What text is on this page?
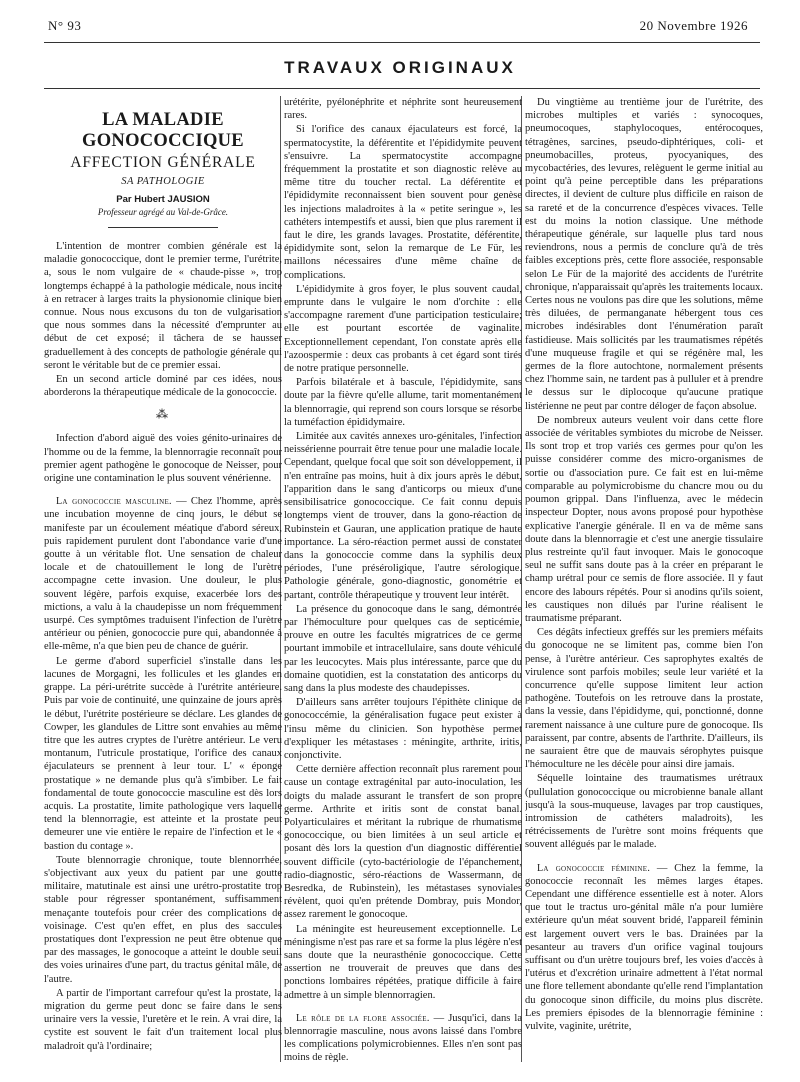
N° 93	20 Novembre 1926
TRAVAUX ORIGINAUX
LA MALADIE GONOCOCCIQUE
AFFECTION GÉNÉRALE
SA PATHOLOGIE
Par Hubert JAUSION
Professeur agrégé au Val-de-Grâce.

L'intention de montrer combien générale est la maladie gonococcique, dont le premier terme, l'urétrite, a, sous le nom vulgaire de « chaude-pisse », trop longtemps échappé à la pathologie médicale, nous incite à en retracer à larges traits la physionomie clinique bien connue. Nous nous excusons du ton de vulgarisation que nous sommes dans la nécessité d'emprunter au début de cet exposé; il tâchera de se hausser graduellement à des concepts de pathologie générale qui seront le véritable but de ce premier essai.

En un second article dominé par ces idées, nous aborderons la thérapeutique médicale de la gonococcie.

⁂

Infection d'abord aiguë des voies génito-urinaires de l'homme ou de la femme, la blennorragie reconnaît pour premier agent pathogène le gonocoque de Neisser, pour origine une contamination le plus souvent vénérienne.

La gonococcie masculine. — Chez l'homme, après une incubation moyenne de cinq jours, le début se manifeste par un écoulement méatique d'abord séreux, puis rapidement purulent dont l'abondance varie d'une goutte à un véritable flot. Une sensation de chaleur locale et de chatouillement le long de l'urètre accompagne cette invasion. Une douleur, le plus souvent légère, parfois exquise, exacerbée lors des mictions, a valu à la chaudepisse un nom fréquemment usurpé. Ces symptômes traduisent l'infection de l'urètre antérieur ou pénien, gonococcie pure qui, abandonnée à elle-même, n'a que bien peu de chance de guérir.

Le germe d'abord superficiel s'installe dans les lacunes de Morgagni, les follicules et les glandes en grappe. La péri-urétrite succède à l'urétrite antérieure. Puis par voie de continuité, une quinzaine de jours après le début, l'urétrite postérieure se déclare. Les glandes de Cowper, les glandules de Littre sont envahies au même titre que les autres cryptes de l'urètre antérieur. Le veru montanum, l'utricule prostatique, l'orifice des canaux éjaculateurs se prennent à leur tour. L' « éponge prostatique » ne demande plus qu'à s'imbiber. Le fait fondamental de toute gonococcie masculine est dès lors acquis. La prostatite, limite pathologique vers laquelle tend la blennorragie, est atteinte et la prostate peut demeurer une vie entière le repaire de l'infection et le « bastion du contage ».

Toute blennorragie chronique, toute blennorrhée, s'objectivant aux yeux du patient par une goutte militaire, matutinale est ainsi une urétro-prostatite trop stable pour régresser spontanément, suffisamment menaçante toutefois pour créer des complications de voisinage. C'est qu'en effet, en plus des saccules prostatiques dont l'expression ne peut être obtenue que par des massages, le gonocoque a atteint le double seuil des voies urinaires d'une part, du tractus génital mâle, de l'autre.

A partir de l'important carrefour qu'est la prostate, la migration du germe peut donc se faire dans le sens urinaire vers la vessie, l'uretère et le rein. A vrai dire, la cystite est souvent le fait d'un traitement local plus maladroit qu'à l'ordinaire;

urétérite, pyélonéphrite et néphrite sont heureusement rares.

Si l'orifice des canaux éjaculateurs est forcé, la spermatocystite, la déférentite et l'épididymite peuvent s'ensuivre. La spermatocystite accompagne fréquemment la prostatite et son diagnostic relève au même titre du toucher rectal. La déférentite et l'épididymite reconnaissent bien souvent pour genèse les injections maladroites à la « petite seringue », les cathéters intempestifs et aussi, bien que plus rarement il faut le dire, les grands lavages. Prostatite, déférentite, épididymite sont, selon la remarque de Le Für, les maillons nécessaires d'une même chaîne de complications.

L'épididymite à gros foyer, le plus souvent caudal, emprunte dans le vulgaire le nom d'orchite : elle s'accompagne rarement d'une participation testiculaire; elle est pourtant escortée de vaginalite. Exceptionnellement cependant, l'on constate après elle l'azoospermie : deux cas probants à cet égard sont tirés de notre pratique personnelle.

Parfois bilatérale et à bascule, l'épididymite, sans doute par la fièvre qu'elle allume, tarit momentanément la blennorragie, qui reprend son cours lorsque se résorbe la tuméfaction épididymaire.

Limitée aux cavités annexes uro-génitales, l'infection neissérienne pourrait être tenue pour une maladie locale. Cependant, quelque focal que soit son développement, il n'en entraîne pas moins, huit à dix jours après le début, l'apparition dans le sang d'anticorps ou mieux d'une sensibilisatrice gonococcique. Ce fait connu depuis longtemps vient de trouver, dans la gono-réaction de Rubinstein et Gauran, une application pratique de haute importance. La séro-réaction permet aussi de constater dans la gonococcie comme dans la syphilis deux périodes, l'une préséroligique, l'autre sérologique. Pathologie générale, gono-diagnostic, gonométrie et partant, contrôle thérapeutique y trouvent leur intérêt.

La présence du gonocoque dans le sang, démontrée par l'hémoculture pour quelques cas de septicémie, prouve en outre les facultés migratrices de ce germe pourtant immobile et intracellulaire, sans doute véhiculé par les leucocytes. Mais plus intéressante, parce que du domaine quotidien, est la constatation des anticorps du sang dans la plus modeste des chaudepisses.

D'ailleurs sans arrêter toujours l'épithète clinique de gonococcémie, la généralisation fugace peut exister à l'insu même du clinicien. Son hypothèse permet d'expliquer les métastases : méningite, arthrite, iritis, conjonctivite.

Cette dernière affection reconnaît plus rarement pour cause un contage extragénital par auto-inoculation, les doigts du malade assurant le transfert de son propre germe. Arthrite et iritis sont de constat banal. Polyarticulaires et méritant la rubrique de rhumatisme gonococcique, ou bien limitées à un seul article et posant dès lors la question d'un diagnostic différentiel souvent difficile (cyto-bactériologie de l'épanchement, radio-diagnostic, séro-réactions de Wassermann, de Besredka, de Rubinstein), les métastases synoviales révèlent, quoi qu'en prétende Dombray, puis Mondor, assez rarement le gonocoque.

La méningite est heureusement exceptionnelle. Le méningisme n'est pas rare et sa forme la plus légère n'est sans doute que la neurasthénie gonococcique. Cette assertion ne trouverait de preuves que dans des ponctions lombaires répétées, pratique difficile à faire admettre à un simple blennorragien.

Le rôle de la flore associée. — Jusqu'ici, dans la blennorragie masculine, nous avons laissé dans l'ombre les complications polymicrobiennes. Elles n'en sont pas moins de règle.

Du vingtième au trentième jour de l'urétrite, des microbes multiples et variés : synocoques, pneumocoques, staphylocoques, entérocoques, tétragènes, sarcines, pseudo-diphtériques, coli- et pneumobacilles, proteus, pyocyaniques, des mycobactéries, des levures, relèguent le germe initial au point qu'à peine perceptible dans les préparations directes, il devient de culture plus difficile en raison de sa rareté et de la concurrence d'espèces vivaces. Telle est du moins la notion classique. Une méthode thérapeutique générale, sur laquelle plus tard nous reviendrons, nous a permis de conclure qu'à de très faibles exceptions près, cette flore associée, responsable selon Le Für de la majorité des accidents de l'urétrite chronique, n'apparaissait qu'après les traitements locaux. Certes nous ne voulons pas dire que les solutions, même très diluées, de permanganate hébergent tous ces microbes indésirables dont l'énumération paraît fastidieuse. Mais sollicités par les traumatismes répétés d'une muqueuse fragile et qui se régénère mal, les germes de la flore autochtone, normalement présents chez l'homme sain, ne tardent pas à pulluler et à prendre le dessus sur le diplocoque qu'aucune pratique listérienne ne peut par contre déloger de façon absolue.

De nombreux auteurs veulent voir dans cette flore associée de véritables symbiotes du microbe de Neisser. Ils sont trop et trop variés ces germes pour qu'on les puisse considérer comme des micro-organismes de sortie ou d'association pure. Ce fait est en lui-même comparable au polymicrobisme du chancre mou ou du poumon grippal. Dans l'influenza, avec le médecin inspecteur Dopter, nous avons proposé pour hypothèse explicative l'anergie générale. Il en va de même sans doute dans la blennorragie et c'est une anergie tissulaire plus restreinte qu'il faut invoquer. Mais le gonocoque seul ne suffit sans doute pas à la créer en préparant le champ urétral pour ce semis de flore associée. Il y faut encore des labours répétés. Pour si anodins qu'ils soient, les caustiques non dilués par l'urine réalisent le traumatisme préparant.

Ces dégâts infectieux greffés sur les premiers méfaits du gonocoque ne se limitent pas, comme bien l'on pense, à l'urètre antérieur. Ces saprophytes exaltés de virulence sont parfois mobiles; seule leur variété et la concurrence qu'elle suppose limitent leur action pathogène. Toutefois on les retrouve dans la prostate, dans la vessie, dans l'épididyme, qui, ponctionné, donne rarement naissance à une culture pure de gonocoque. Ils paraissent, par contre, absents de l'arthrite. D'ailleurs, ils ne sauraient être que de mauvais sérophytes puisque l'hémoculture ne les décèle pour ainsi dire jamais.

Séquelle lointaine des traumatismes urétraux (pullulation gonococcique ou microbienne banale allant jusqu'à la sous-muqueuse, lavages par trop caustiques, intromission de cathéters maladroits), les rétrécissements de l'urètre sont moins fréquents que souvent allégués par le malade.

La gonococcie féminine. — Chez la femme, la gonococcie reconnaît les mêmes larges étapes. Cependant une différence essentielle est à noter. Alors que tout le tractus uro-génital mâle n'a pour lumière extérieure qu'un méat souvent bridé, l'appareil féminin est largement ouvert vers le bas. Drainées par la pesanteur au travers d'un orifice vaginal toujours suffisant ou d'un urètre toujours bref, les voies d'accès à l'utérus et d'excrétion urinaire admettent à l'état normal une flore tellement abondante qu'elle rend l'implantation du gonocoque sinon difficile, du moins plus discrète. Les premiers épisodes de la blennorragie féminine : vulvite, vaginite, urétrite,
